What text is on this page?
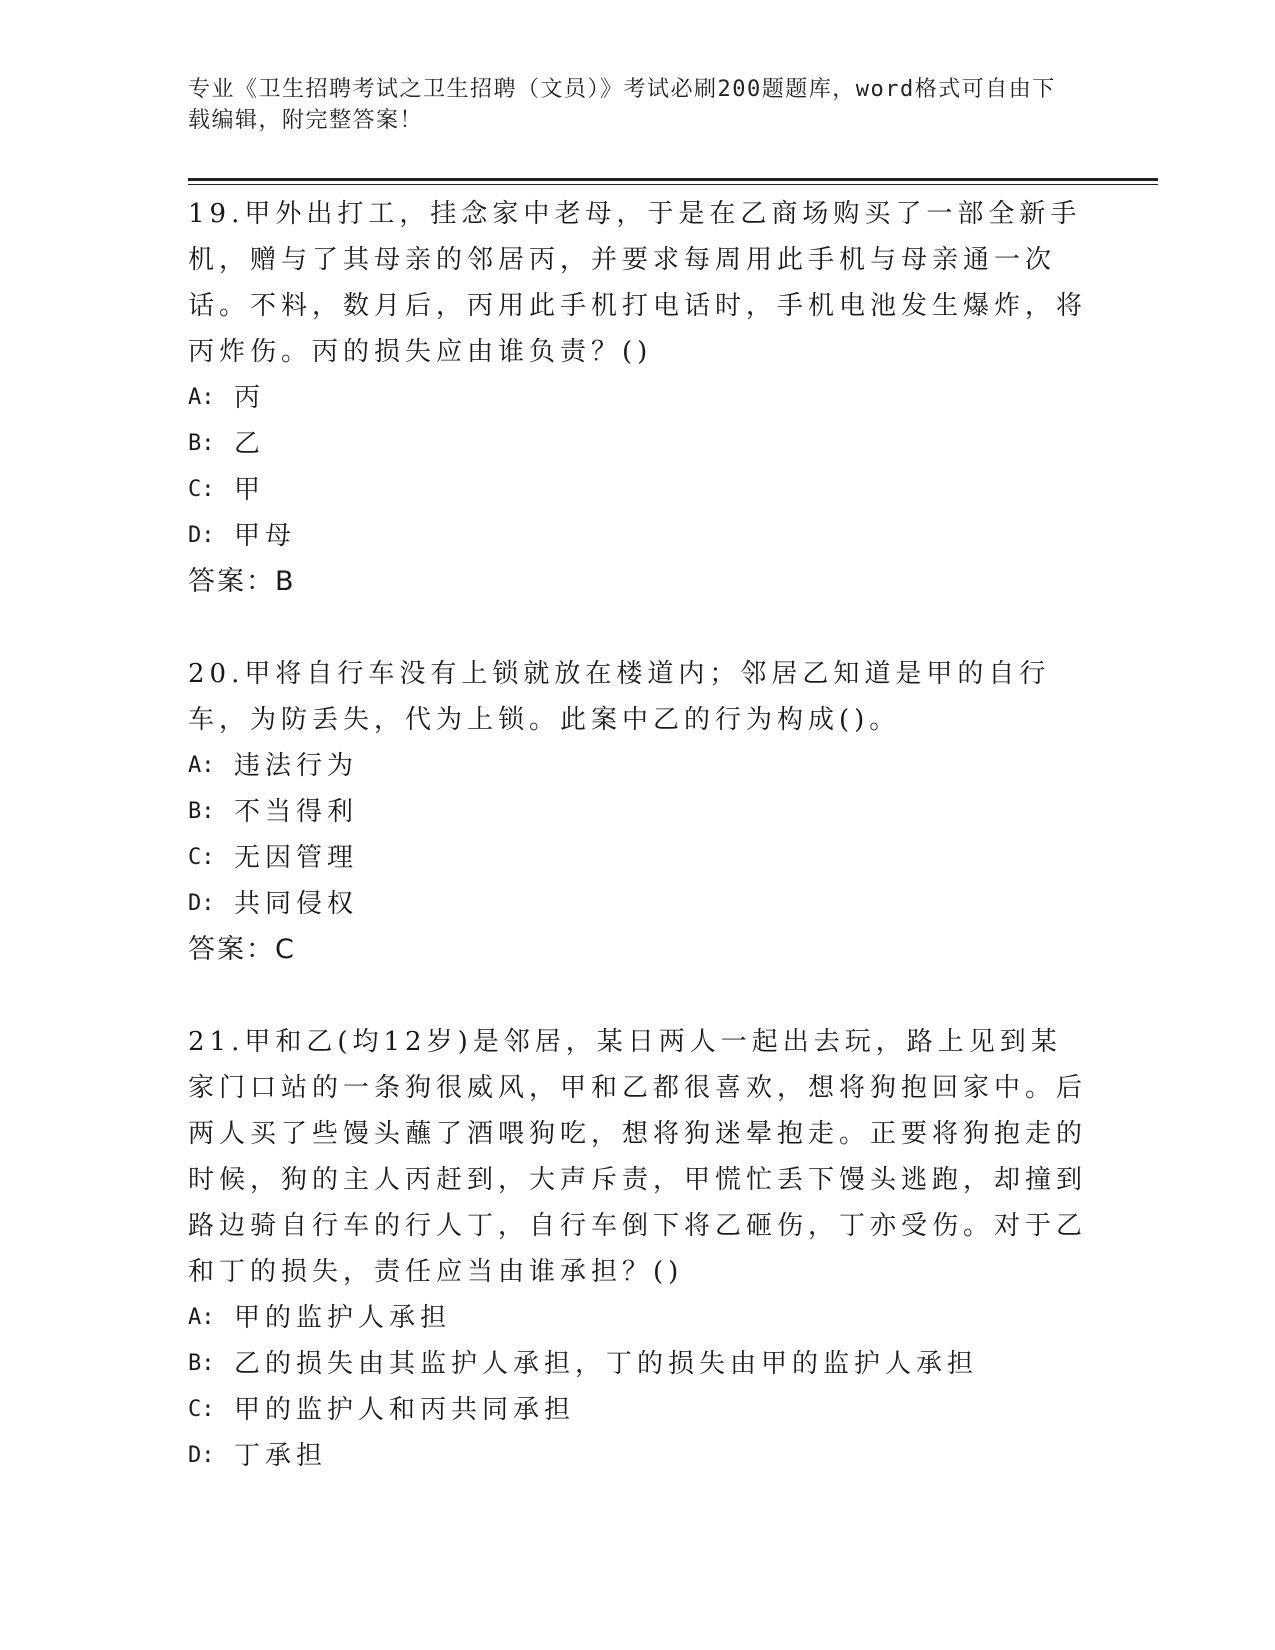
专业《卫生招聘考试之卫生招聘（文员）》考试必刷200题题库，word格式可自由下载编辑，附完整答案！

19.甲外出打工，挂念家中老母，于是在乙商场购买了一部全新手机，赠与了其母亲的邻居丙，并要求每周用此手机与母亲通一次话。不料，数月后，丙用此手机打电话时，手机电池发生爆炸，将丙炸伤。丙的损失应由谁负责？()

A: 丙
B: 乙
C: 甲
D: 甲母

答案：B

20.甲将自行车没有上锁就放在楼道内；邻居乙知道是甲的自行车，为防丢失，代为上锁。此案中乙的行为构成()。

A: 违法行为
B: 不当得利
C: 无因管理
D: 共同侵权

答案：C

21.甲和乙(均12岁)是邻居，某日两人一起出去玩，路上见到某家门口站的一条狗很威风，甲和乙都很喜欢，想将狗抱回家中。后两人买了些馒头蘸了酒喂狗吃，想将狗迷晕抱走。正要将狗抱走的时候，狗的主人丙赶到，大声斥责，甲慌忙丢下馒头逃跑，却撞到路边骑自行车的行人丁，自行车倒下将乙砸伤，丁亦受伤。对于乙和丁的损失，责任应当由谁承担？()

A: 甲的监护人承担
B: 乙的损失由其监护人承担，丁的损失由甲的监护人承担
C: 甲的监护人和丙共同承担
D: 丁承担
